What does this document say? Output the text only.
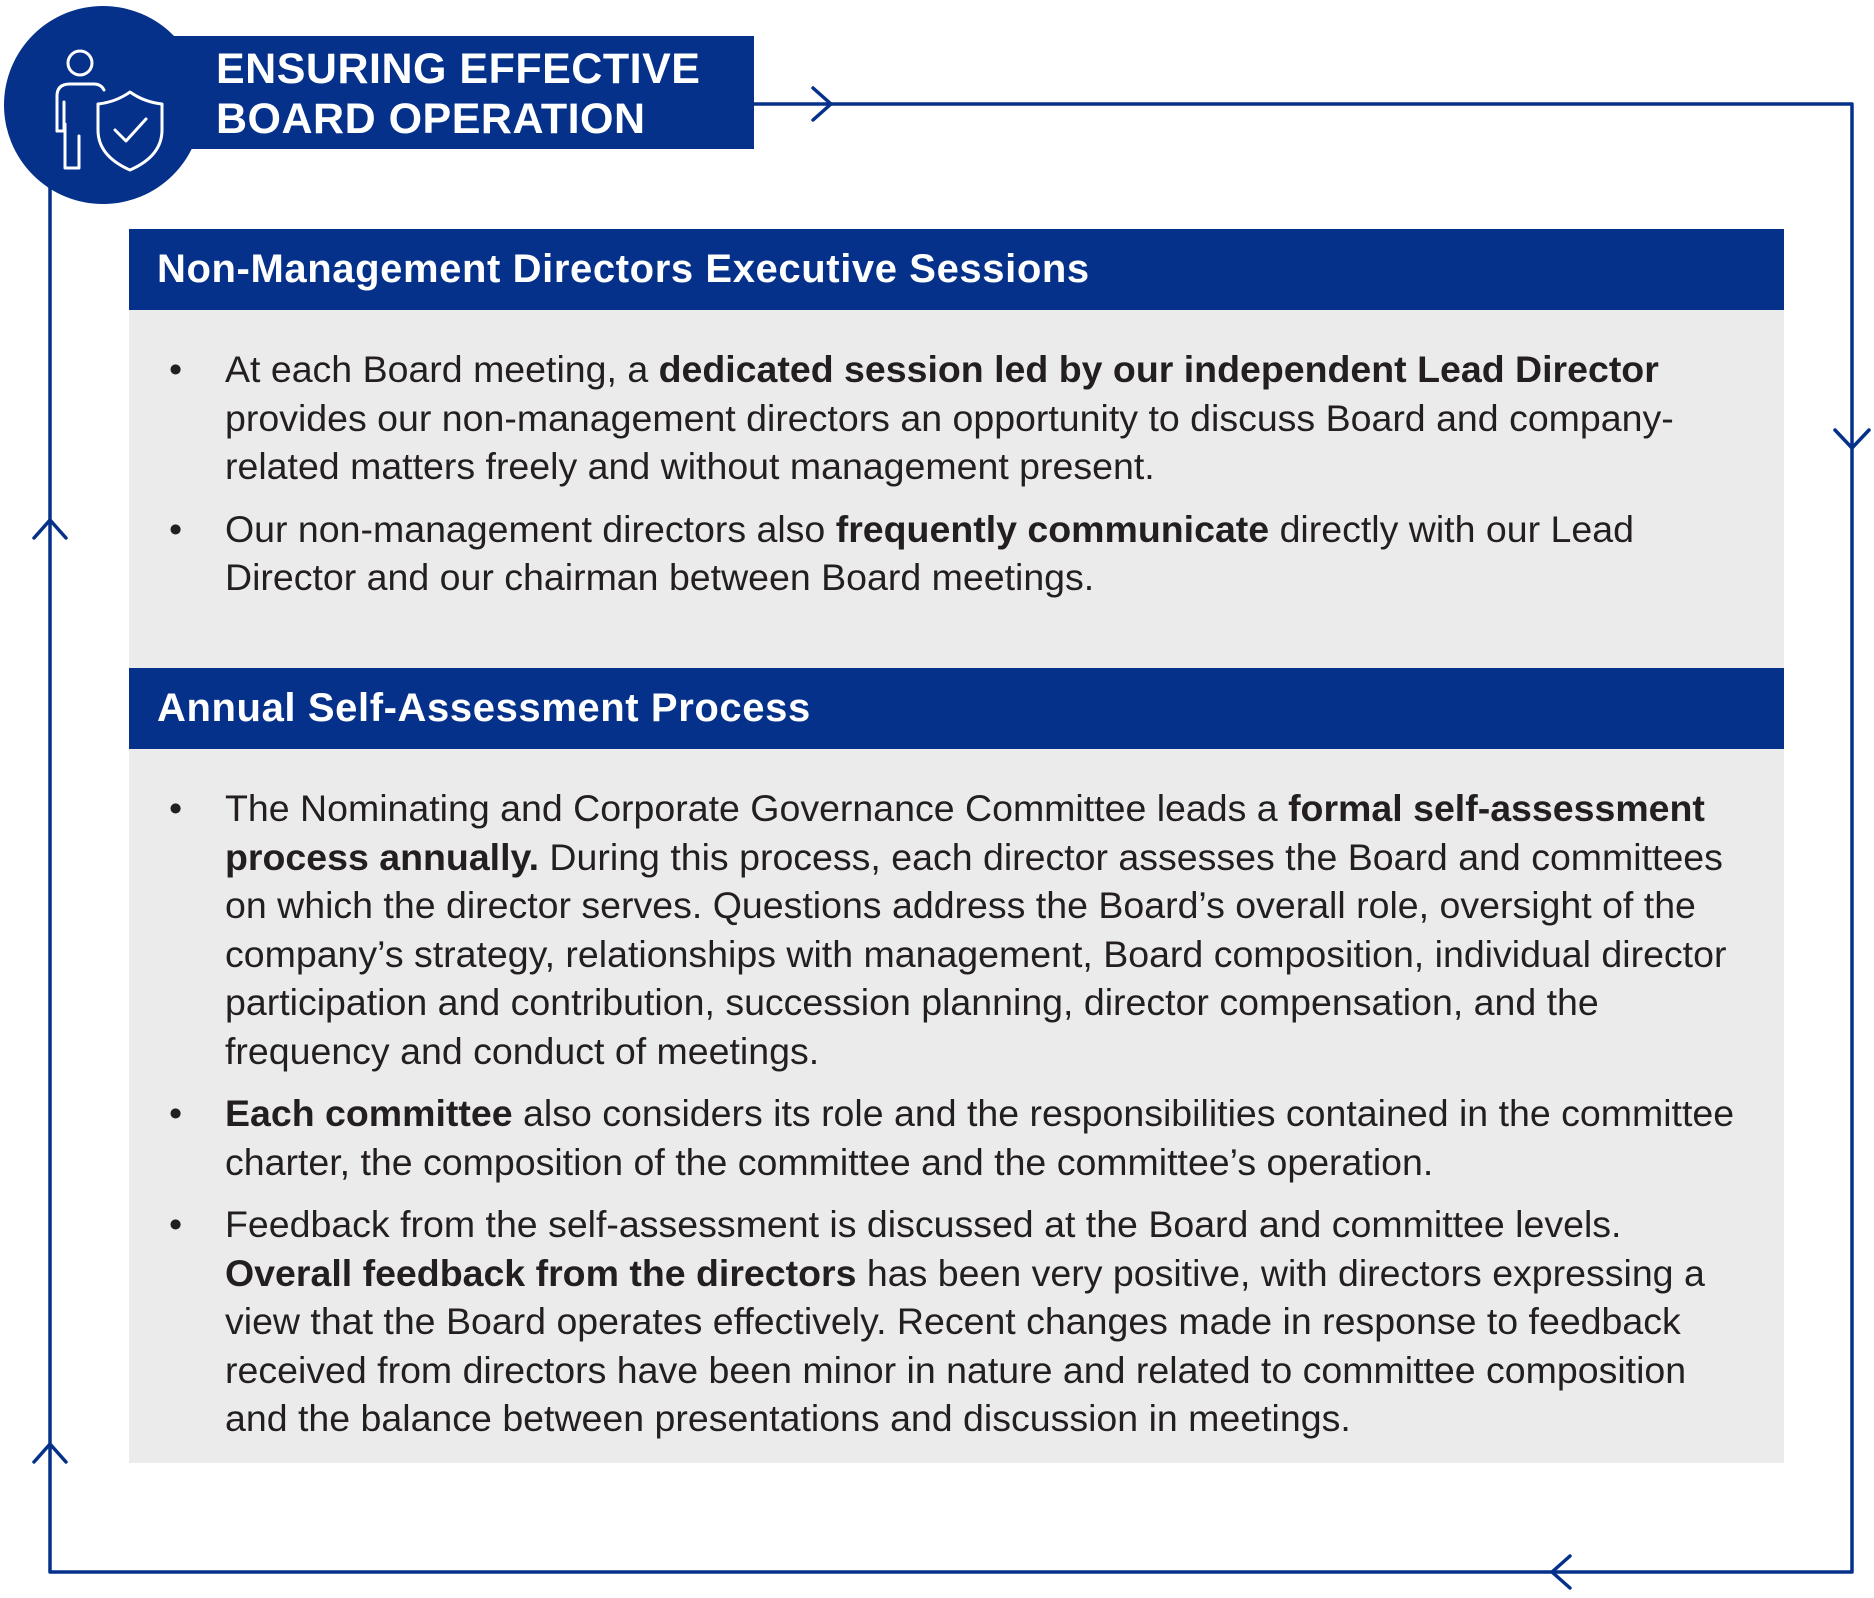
ENSURING EFFECTIVE
BOARD OPERATION
Non-Management Directors Executive Sessions
• At each Board meeting, a dedicated session led by our independent Lead Director provides our non-management directors an opportunity to discuss Board and company-related matters freely and without management present.
• Our non-management directors also frequently communicate directly with our Lead Director and our chairman between Board meetings.
Annual Self-Assessment Process
• The Nominating and Corporate Governance Committee leads a formal self-assessment process annually. During this process, each director assesses the Board and committees on which the director serves. Questions address the Board’s overall role, oversight of the company’s strategy, relationships with management, Board composition, individual director participation and contribution, succession planning, director compensation, and the frequency and conduct of meetings.
• Each committee also considers its role and the responsibilities contained in the committee charter, the composition of the committee and the committee’s operation.
• Feedback from the self-assessment is discussed at the Board and committee levels. Overall feedback from the directors has been very positive, with directors expressing a view that the Board operates effectively. Recent changes made in response to feedback received from directors have been minor in nature and related to committee composition and the balance between presentations and discussion in meetings.
